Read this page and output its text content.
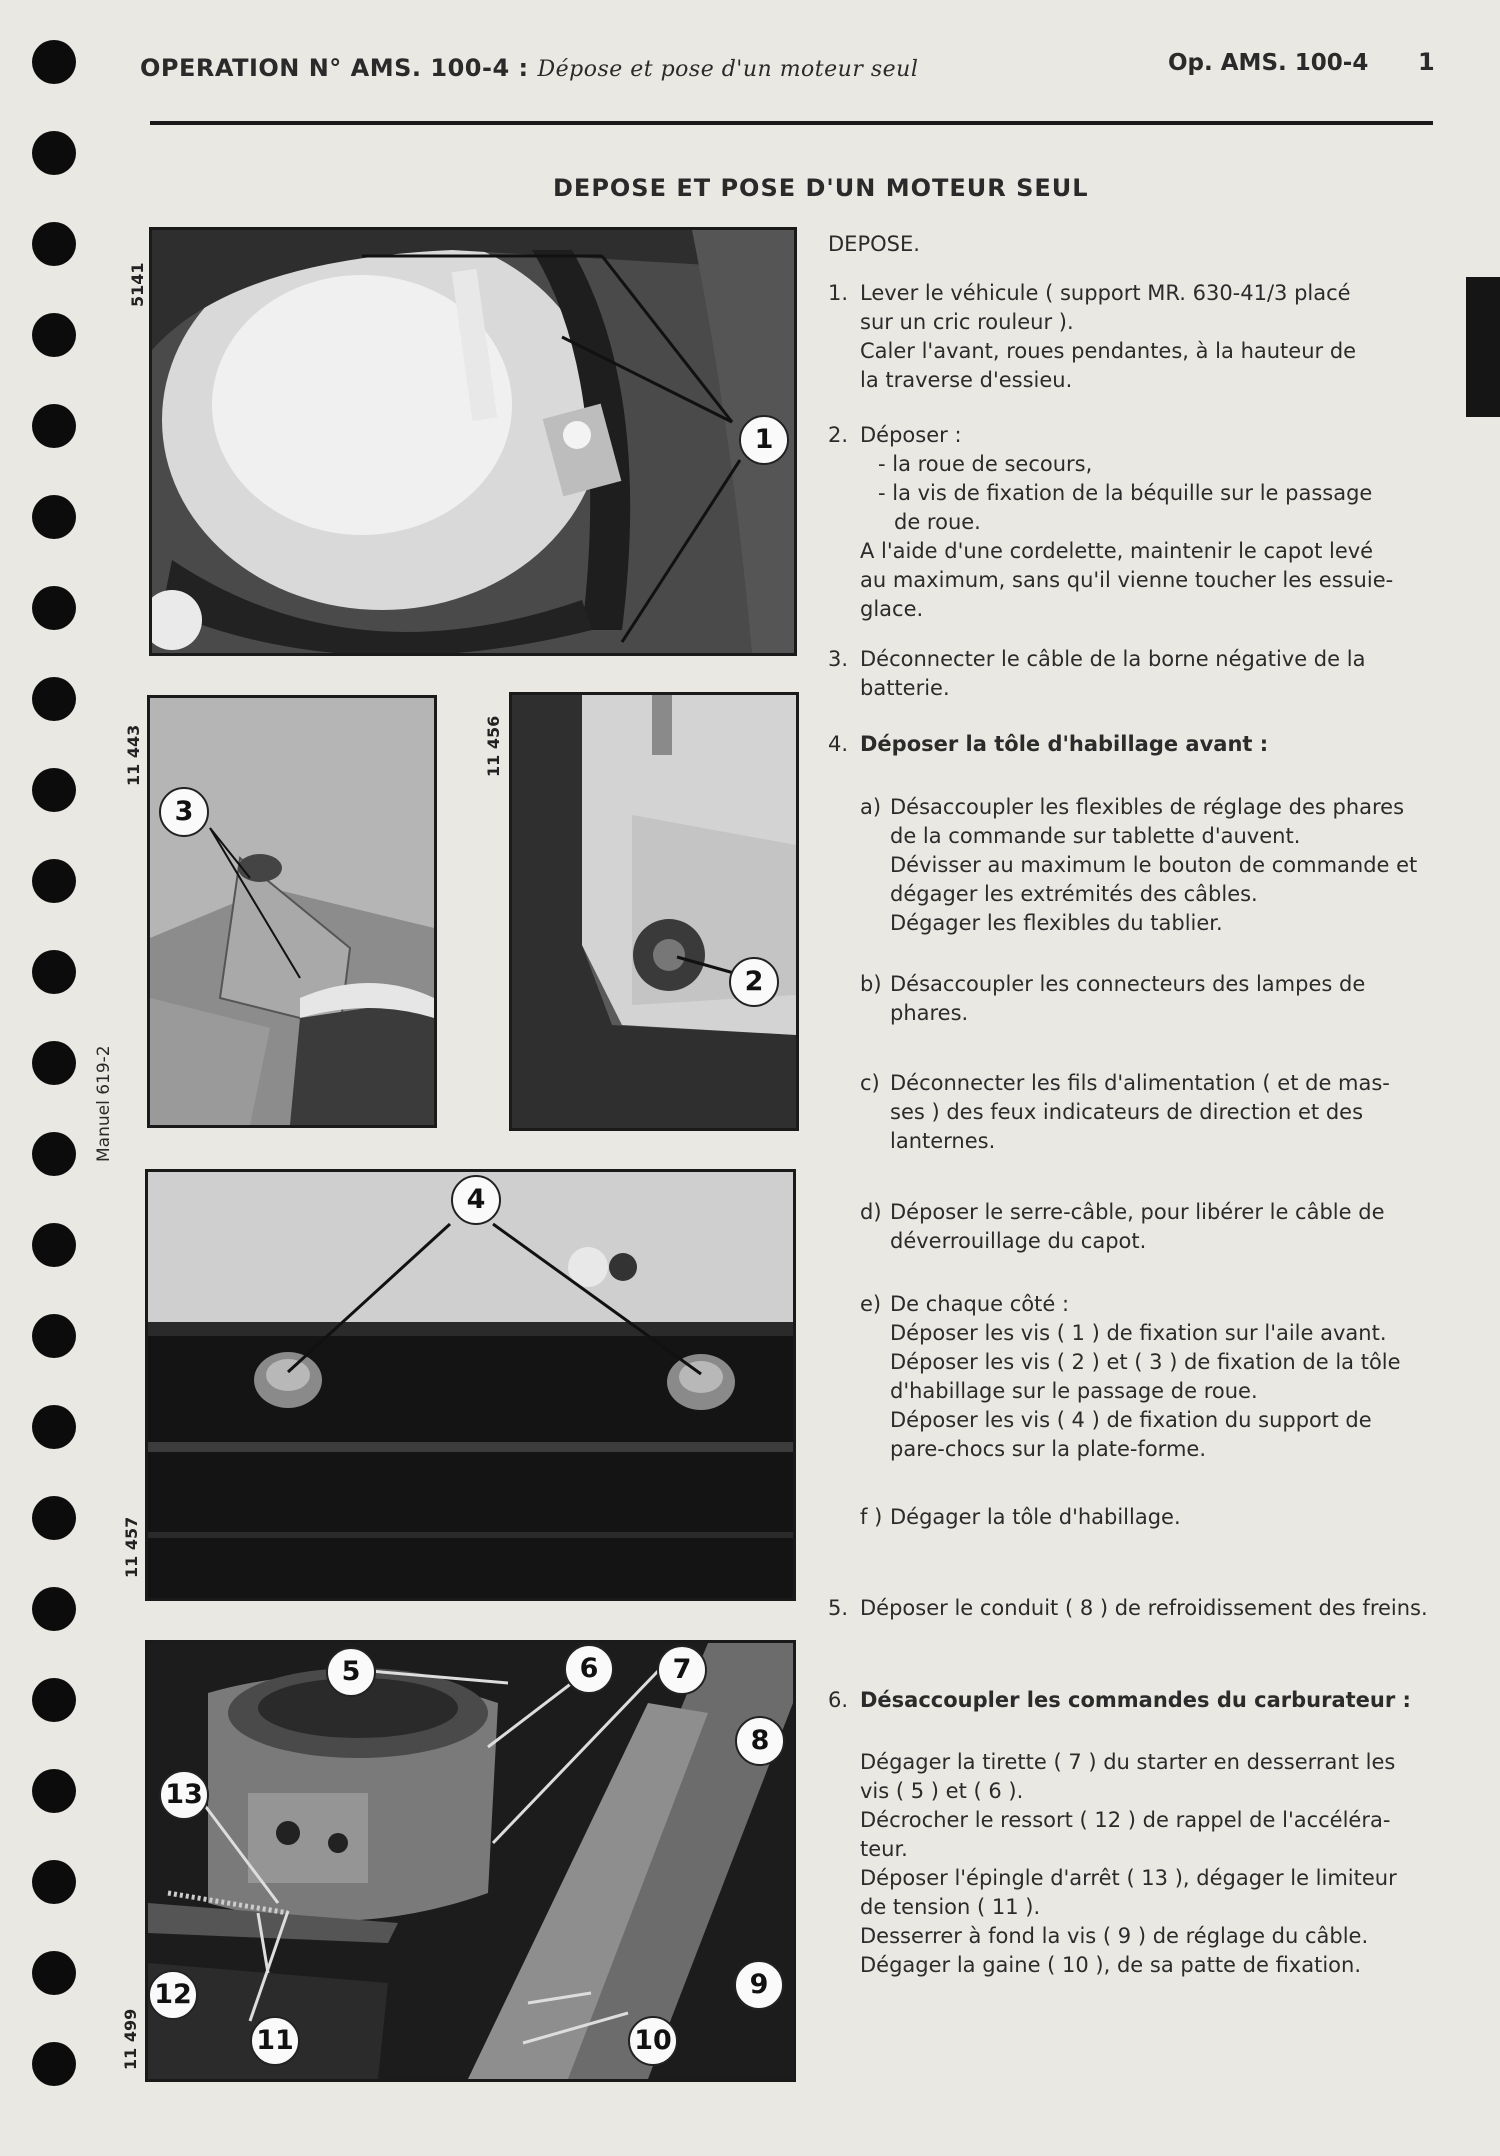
OPERATION N° AMS. 100-4 : Dépose et pose d'un moteur seul	Op. AMS. 100-4 1
DEPOSE ET POSE D'UN MOTEUR SEUL
Manuel 619-2
5141
1
11 443
3
11 456
2
11 457
4
11 499
5	6	7
8
13
12
11	10
9

DEPOSE.

1. Lever le véhicule ( support MR. 630-41/3 placé

sur un cric rouleur ).

Caler l'avant, roues pendantes, à la hauteur de

la traverse d'essieu.

2. Déposer :

- la roue de secours,

- la vis de fixation de la béquille sur le passage

de roue.

A l'aide d'une cordelette, maintenir le capot levé

au maximum, sans qu'il vienne toucher les essuie-

glace.

3. Déconnecter le câble de la borne négative de la

batterie.

4. Déposer la tôle d'habillage avant :
a) Désaccoupler les flexibles de réglage des phares

de la commande sur tablette d'auvent.

Dévisser au maximum le bouton de commande et

dégager les extrémités des câbles.

Dégager les flexibles du tablier.

b) Désaccoupler les connecteurs des lampes de

phares.

c) Déconnecter les fils d'alimentation ( et de mas-

ses ) des feux indicateurs de direction et des

lanternes.

d) Déposer le serre-câble, pour libérer le câble de

déverrouillage du capot.

e) De chaque côté :

Déposer les vis ( 1 ) de fixation sur l'aile avant.

Déposer les vis ( 2 ) et ( 3 ) de fixation de la tôle

d'habillage sur le passage de roue.

Déposer les vis ( 4 ) de fixation du support de

pare-chocs sur la plate-forme.

f ) Dégager la tôle d'habillage.

5. Déposer le conduit ( 8 ) de refroidissement des freins.

6. Désaccoupler les commandes du carburateur :

Dégager la tirette ( 7 ) du starter en desserrant les

vis ( 5 ) et ( 6 ).

Décrocher le ressort ( 12 ) de rappel de l'accéléra-

teur.

Déposer l'épingle d'arrêt ( 13 ), dégager le limiteur

de tension ( 11 ).

Desserrer à fond la vis ( 9 ) de réglage du câble.

Dégager la gaine ( 10 ), de sa patte de fixation.
